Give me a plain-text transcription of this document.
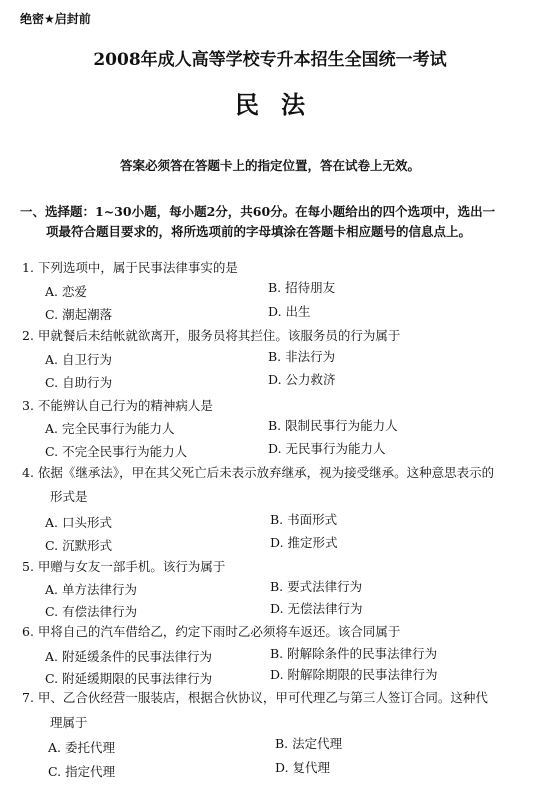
绝密★启封前
2008年成人高等学校专升本招生全国统一考试
民法
答案必须答在答题卡上的指定位置，答在试卷上无效。
一、选择题：1~30小题，每小题2分，共60分。在每小题给出的四个选项中，选出一
项最符合题目要求的，将所选项前的字母填涂在答题卡相应题号的信息点上。
1. 下列选项中，属于民事法律事实的是
A. 恋爱	B. 招待朋友
C. 潮起潮落	D. 出生
2. 甲就餐后未结帐就欲离开，服务员将其拦住。该服务员的行为属于
A. 自卫行为	B. 非法行为
C. 自助行为	D. 公力救济
3. 不能辨认自己行为的精神病人是
A. 完全民事行为能力人	B. 限制民事行为能力人
C. 不完全民事行为能力人	D. 无民事行为能力人
4. 依据《继承法》，甲在其父死亡后未表示放弃继承，视为接受继承。这种意思表示的
形式是
A. 口头形式	B. 书面形式
C. 沉默形式	D. 推定形式
5. 甲赠与女友一部手机。该行为属于
A. 单方法律行为	B. 要式法律行为
C. 有偿法律行为	D. 无偿法律行为
6. 甲将自己的汽车借给乙，约定下雨时乙必须将车返还。该合同属于
A. 附延缓条件的民事法律行为	B. 附解除条件的民事法律行为
C. 附延缓期限的民事法律行为	D. 附解除期限的民事法律行为
7. 甲、乙合伙经营一服装店，根据合伙协议，甲可代理乙与第三人签订合同。这种代
理属于
A. 委托代理	B. 法定代理
C. 指定代理	D. 复代理
